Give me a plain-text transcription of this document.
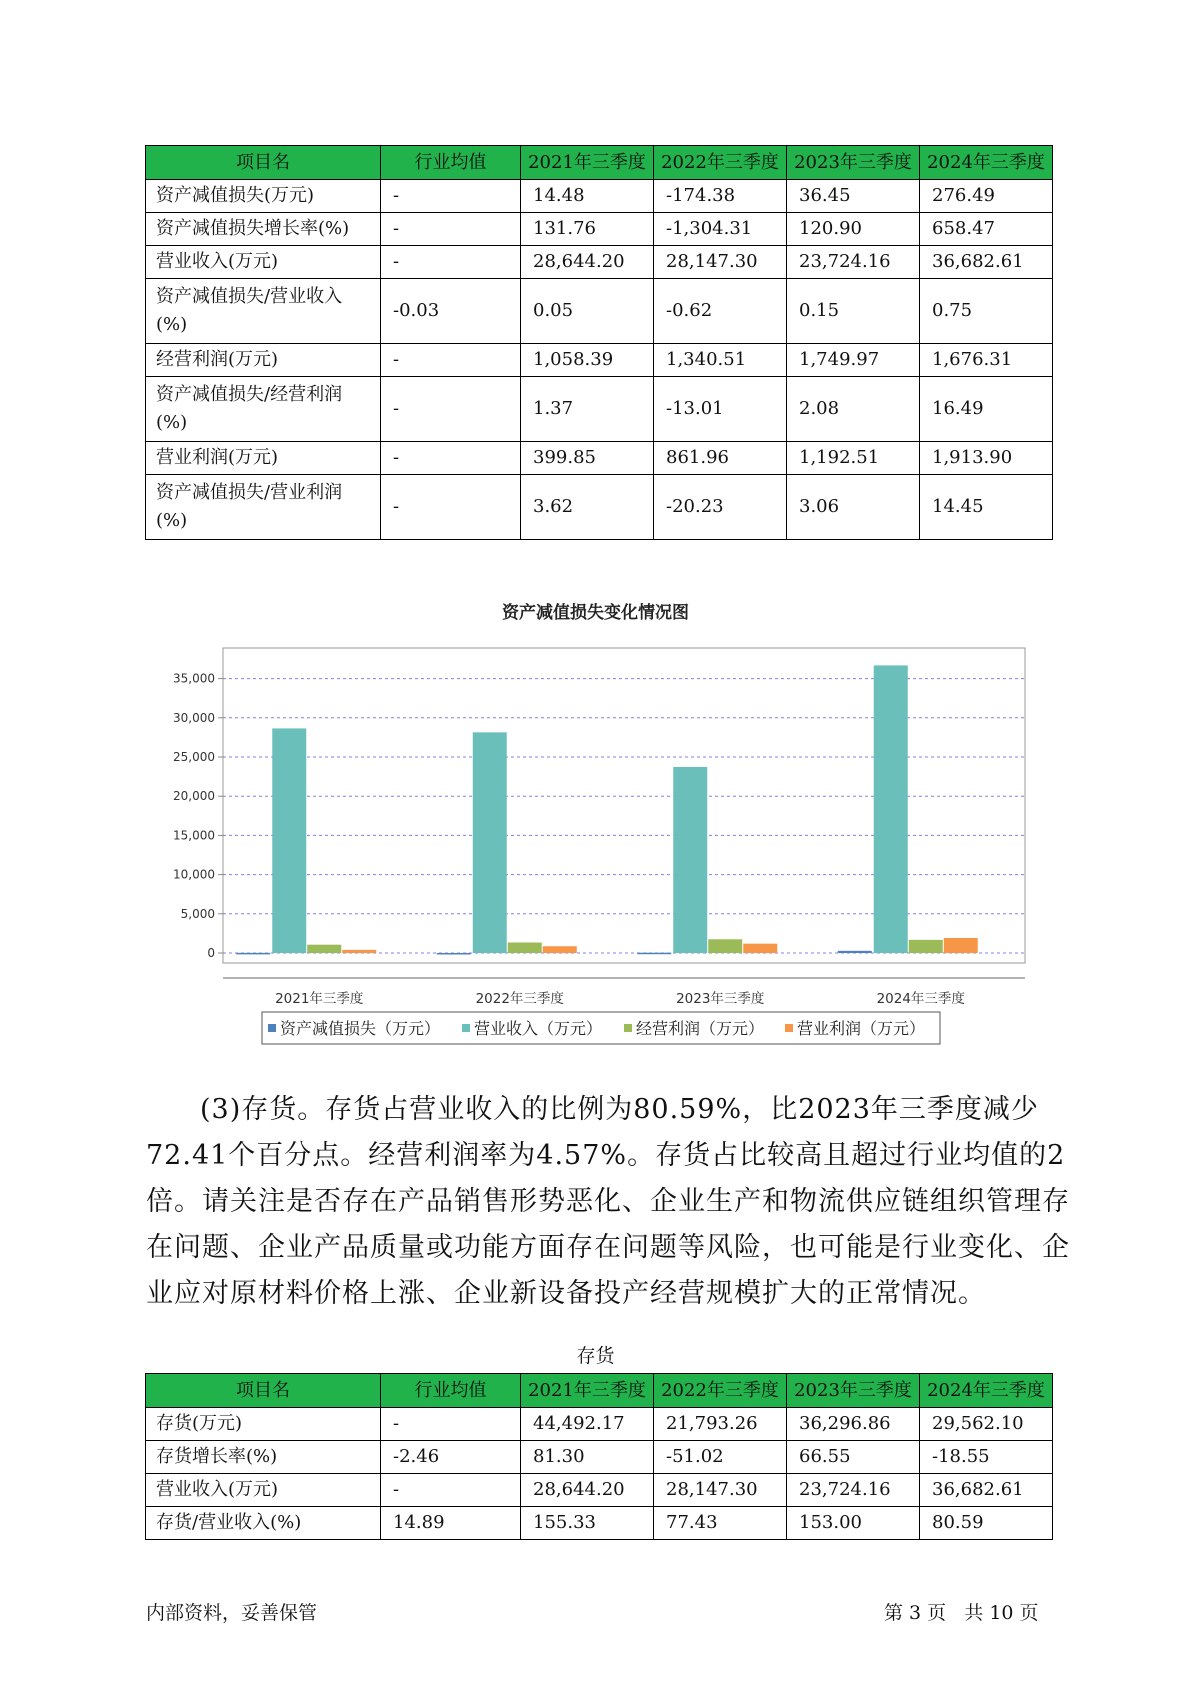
项目名	行业均值	2021年三季度	2022年三季度	2023年三季度	2024年三季度
资产减值损失(万元)	-	14.48	-174.38	36.45	276.49
资产减值损失增长率(%)	-	131.76	-1,304.31	120.90	658.47
营业收入(万元)	-	28,644.20	28,147.30	23,724.16	36,682.61
资产减值损失/营业收入(%)	-0.03	0.05	-0.62	0.15	0.75
经营利润(万元)	-	1,058.39	1,340.51	1,749.97	1,676.31
资产减值损失/经营利润(%)	-	1.37	-13.01	2.08	16.49
营业利润(万元)	-	399.85	861.96	1,192.51	1,913.90
资产减值损失/营业利润(%)	-	3.62	-20.23	3.06	14.45
资产减值损失变化情况图
0
5,000
10,000
15,000
20,000
25,000
30,000
35,000
2021年三季度	2022年三季度	2023年三季度	2024年三季度
资产减值损失（万元） 营业收入（万元） 经营利润（万元） 营业利润（万元）

(3)存货。存货占营业收入的比例为80.59%，比2023年三季度减少72.41个百分点。经营利润率为4.57%。存货占比较高且超过行业均值的2倍。请关注是否存在产品销售形势恶化、企业生产和物流供应链组织管理存在问题、企业产品质量或功能方面存在问题等风险，也可能是行业变化、企业应对原材料价格上涨、企业新设备投产经营规模扩大的正常情况。

存货
项目名	行业均值	2021年三季度	2022年三季度	2023年三季度	2024年三季度
存货(万元)	-	44,492.17	21,793.26	36,296.86	29,562.10
存货增长率(%)	-2.46	81.30	-51.02	66.55	-18.55
营业收入(万元)	-	28,644.20	28,147.30	23,724.16	36,682.61
存货/营业收入(%)	14.89	155.33	77.43	153.00	80.59
内部资料，妥善保管	第 3 页   共 10 页
